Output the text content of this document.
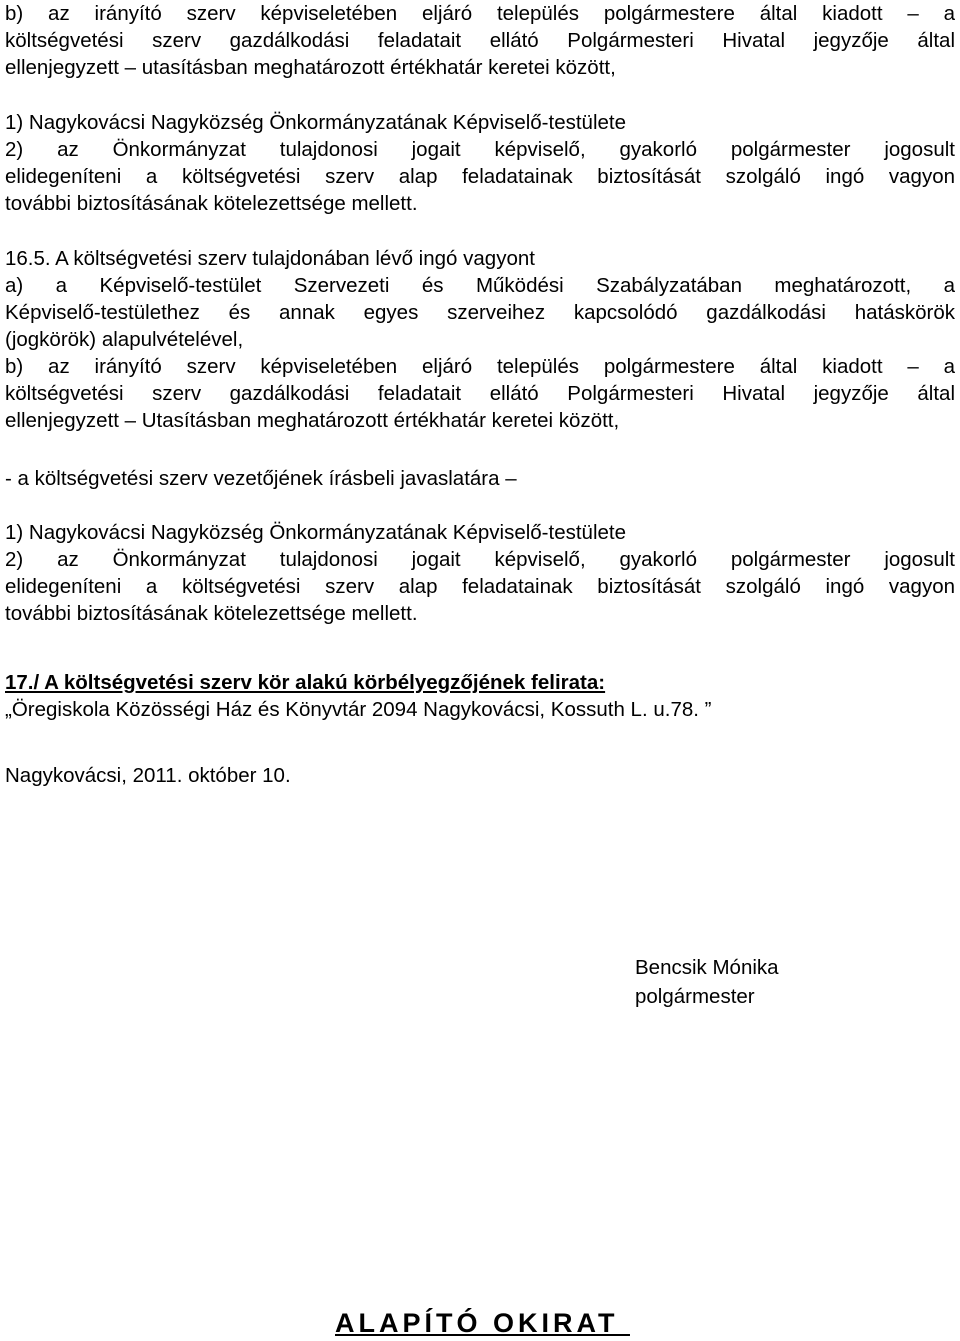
b) az irányító szerv képviseletében eljáró település polgármestere által kiadott – a
költségvetési szerv gazdálkodási feladatait ellátó Polgármesteri Hivatal jegyzője által
ellenjegyzett – utasításban meghatározott értékhatár keretei között,
1) Nagykovácsi Nagyközség Önkormányzatának Képviselő-testülete
2) az Önkormányzat tulajdonosi jogait képviselő, gyakorló polgármester jogosult
elidegeníteni a költségvetési szerv alap feladatainak biztosítását szolgáló ingó vagyon
további biztosításának kötelezettsége mellett.
16.5. A költségvetési szerv tulajdonában lévő ingó vagyont
a) a Képviselő-testület Szervezeti és Működési Szabályzatában meghatározott, a
Képviselő-testülethez és annak egyes szerveihez kapcsolódó gazdálkodási hatáskörök
(jogkörök) alapulvételével,
b) az irányító szerv képviseletében eljáró település polgármestere által kiadott – a
költségvetési szerv gazdálkodási feladatait ellátó Polgármesteri Hivatal jegyzője által
ellenjegyzett – Utasításban meghatározott értékhatár keretei között,
- a költségvetési szerv vezetőjének írásbeli javaslatára –
1) Nagykovácsi Nagyközség Önkormányzatának Képviselő-testülete
2) az Önkormányzat tulajdonosi jogait képviselő, gyakorló polgármester jogosult
elidegeníteni a költségvetési szerv alap feladatainak biztosítását szolgáló ingó vagyon
további biztosításának kötelezettsége mellett.
17./ A költségvetési szerv kör alakú körbélyegzőjének felirata:
„Öregiskola Közösségi Ház és Könyvtár 2094 Nagykovácsi, Kossuth L. u.78. ”
Nagykovácsi, 2011. október 10.
Bencsik Mónika
polgármester
ALAPÍTÓ OKIRAT
